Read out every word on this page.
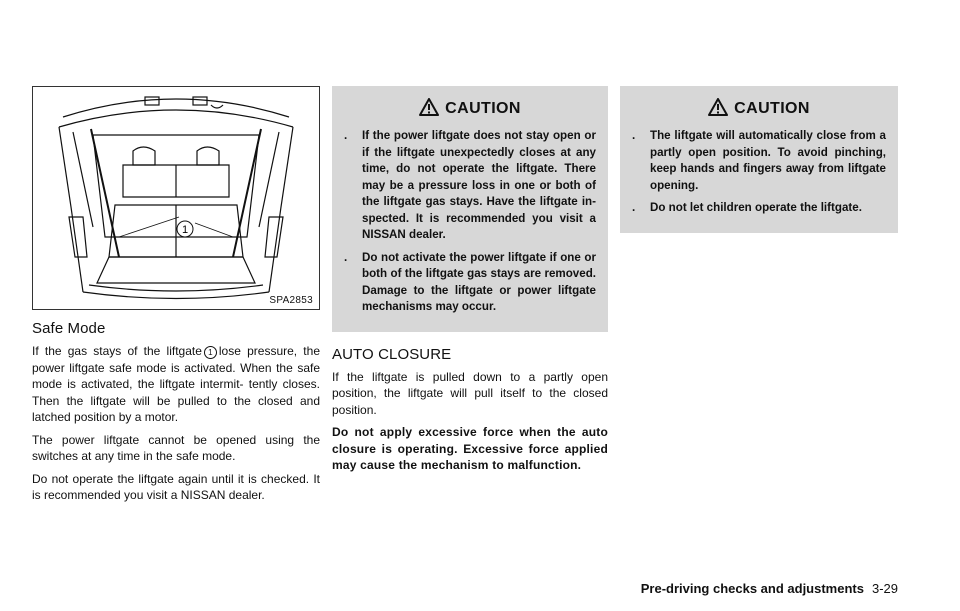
1
SPA2853
Safe Mode

If the gas stays of the liftgate 1 lose pressure, the power liftgate safe mode is activated. When the safe mode is activated, the liftgate intermit- tently closes. Then the liftgate will be pulled to the closed and latched position by a motor.

The power liftgate cannot be opened using the switches at any time in the safe mode.

Do not operate the liftgate again until it is checked. It is recommended you visit a NISSAN dealer.

CAUTION
.	If the power liftgate does not stay open or if the liftgate unexpectedly closes at any time, do not operate the liftgate. There may be a pressure loss in one or both of the liftgate gas stays. Have the liftgate in- spected. It is recommended you visit a NISSAN dealer.
.	Do not activate the power liftgate if one or both of the liftgate gas stays are removed. Damage to the liftgate or power liftgate mechanisms may occur.
AUTO CLOSURE

If the liftgate is pulled down to a partly open position, the liftgate will pull itself to the closed position.

Do not apply excessive force when the auto closure is operating. Excessive force applied may cause the mechanism to malfunction.

CAUTION
.	The liftgate will automatically close from a partly open position. To avoid pinching, keep hands and fingers away from liftgate opening.
.	Do not let children operate the liftgate.
Pre-driving checks and adjustments 3-29
